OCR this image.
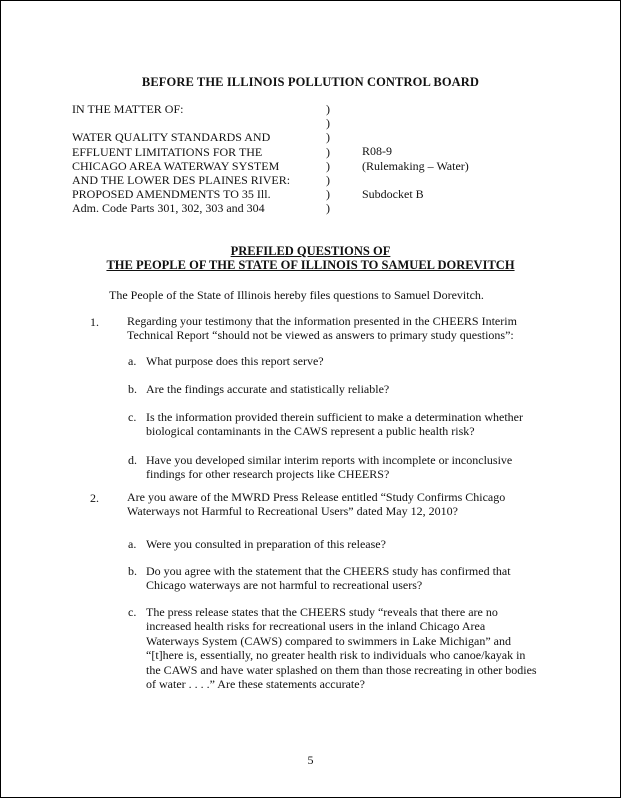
BEFORE THE ILLINOIS POLLUTION CONTROL BOARD
IN THE MATTER OF:
WATER QUALITY STANDARDS AND
EFFLUENT LIMITATIONS FOR THE
CHICAGO AREA WATERWAY SYSTEM
AND THE LOWER DES PLAINES RIVER:
PROPOSED AMENDMENTS TO 35 Ill.
Adm. Code Parts 301, 302, 303 and 304
)
)
)
)
)
)
)
)
R08-9
(Rulemaking – Water)
Subdocket B
PREFILED QUESTIONS OF
THE PEOPLE OF THE STATE OF ILLINOIS TO SAMUEL DOREVITCH
The People of the State of Illinois hereby files questions to Samuel Dorevitch.
1. Regarding your testimony that the information presented in the CHEERS Interim
Technical Report “should not be viewed as answers to primary study questions”:
a. What purpose does this report serve?
b. Are the findings accurate and statistically reliable?
c. Is the information provided therein sufficient to make a determination whether
biological contaminants in the CAWS represent a public health risk?
d. Have you developed similar interim reports with incomplete or inconclusive
findings for other research projects like CHEERS?
2. Are you aware of the MWRD Press Release entitled “Study Confirms Chicago
Waterways not Harmful to Recreational Users” dated May 12, 2010?
a. Were you consulted in preparation of this release?
b. Do you agree with the statement that the CHEERS study has confirmed that
Chicago waterways are not harmful to recreational users?
c. The press release states that the CHEERS study “reveals that there are no
increased health risks for recreational users in the inland Chicago Area
Waterways System (CAWS) compared to swimmers in Lake Michigan” and
“[t]here is, essentially, no greater health risk to individuals who canoe/kayak in
the CAWS and have water splashed on them than those recreating in other bodies
of water . . . .” Are these statements accurate?
5
